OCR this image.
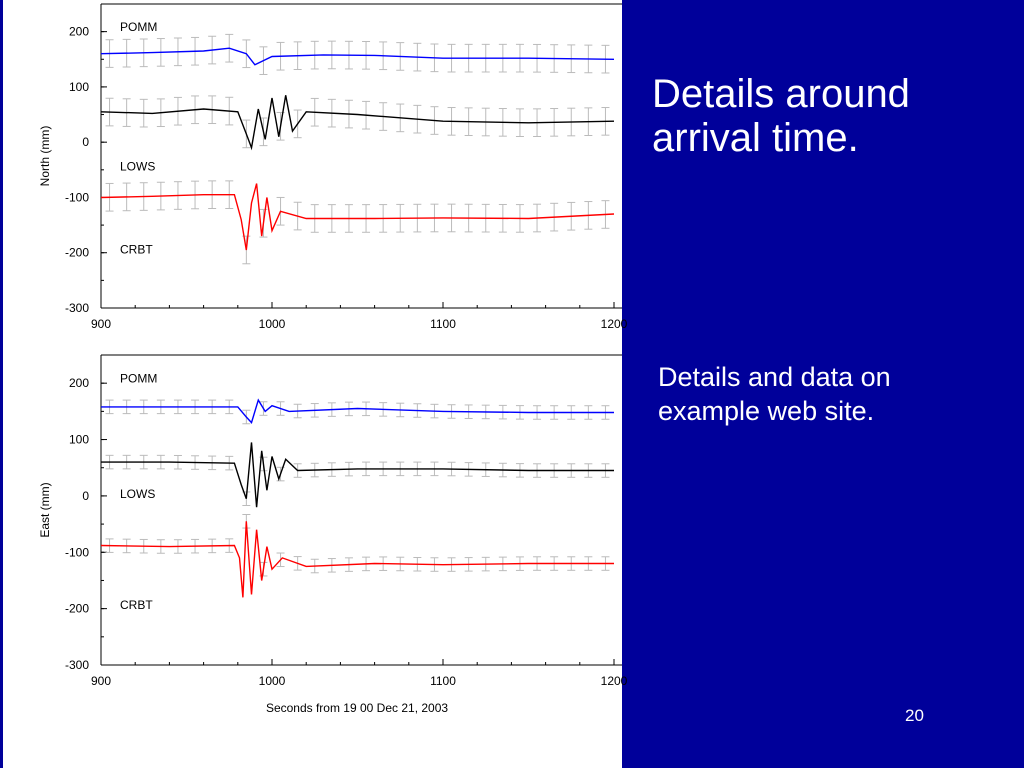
200
100
0
-100
-200
-300
900	1000	1100	1200
North (mm)
POMM
LOWS
CRBT
200
100
0
-100
-200
-300
900	1000	1100	1200
East (mm)
Seconds from 19 00 Dec 21, 2003
POMM
LOWS
CRBT
Details around arrival time.
Details and data on example web site.
20
